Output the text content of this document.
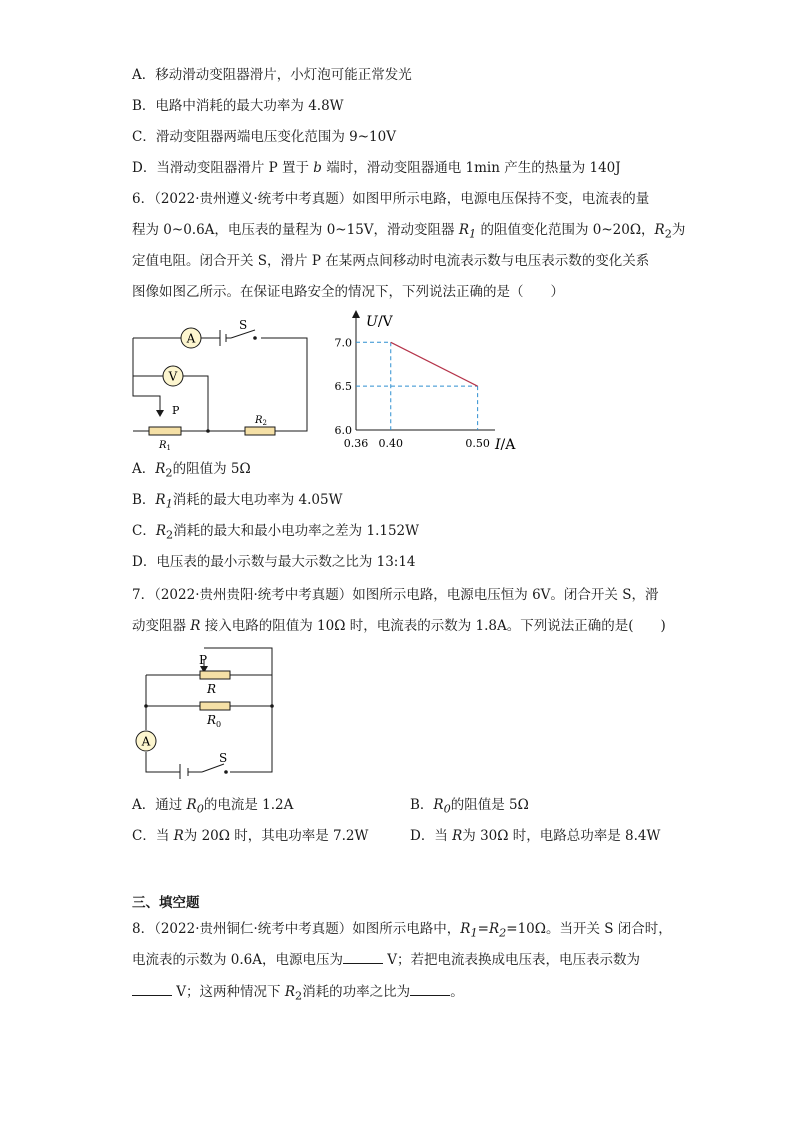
A．移动滑动变阻器滑片，小灯泡可能正常发光
B．电路中消耗的最大功率为 4.8W
C．滑动变阻器两端电压变化范围为 9~10V
D．当滑动变阻器滑片 P 置于 b 端时，滑动变阻器通电 1min 产生的热量为 140J
6．（2022·贵州遵义·统考中考真题）如图甲所示电路，电源电压保持不变，电流表的量
程为 0~0.6A，电压表的量程为 0~15V，滑动变阻器 $R_1$ 的阻值变化范围为 0~20Ω，$R_2$为
定值电阻。闭合开关 S，滑片 P 在某两点间移动时电流表示数与电压表示数的变化关系
图像如图乙所示。在保证电路安全的情况下，下列说法正确的是（　　）
A
V
S
P
$R_1$
$R_2$
0.36 0.40	0.50
6.0
6.5
7.0
U/V
I/A
A．$R_2$的阻值为 5Ω
B．$R_1$消耗的最大电功率为 4.05W
C．$R_2$消耗的最大和最小电功率之差为 1.152W
D．电压表的最小示数与最大示数之比为 13:14
7．（2022·贵州贵阳·统考中考真题）如图所示电路，电源电压恒为 6V。闭合开关 S，滑
动变阻器 R 接入电路的阻值为 10Ω 时，电流表的示数为 1.8A。下列说法正确的是(　　)
P
R
$R_0$
A
S
A．通过 $R_0$的电流是 1.2A	B．$R_0$的阻值是 5Ω
C．当 R为 20Ω 时，其电功率是 7.2W	D．当 R为 30Ω 时，电路总功率是 8.4W
三、填空题
8．（2022·贵州铜仁·统考中考真题）如图所示电路中，$R_1=R_2=10\Omega$。当开关 S 闭合时，
电流表的示数为 0.6A，电源电压为	V；若把电流表换成电压表，电压表示数为
V；这两种情况下 $R_2$消耗的功率之比为	。
